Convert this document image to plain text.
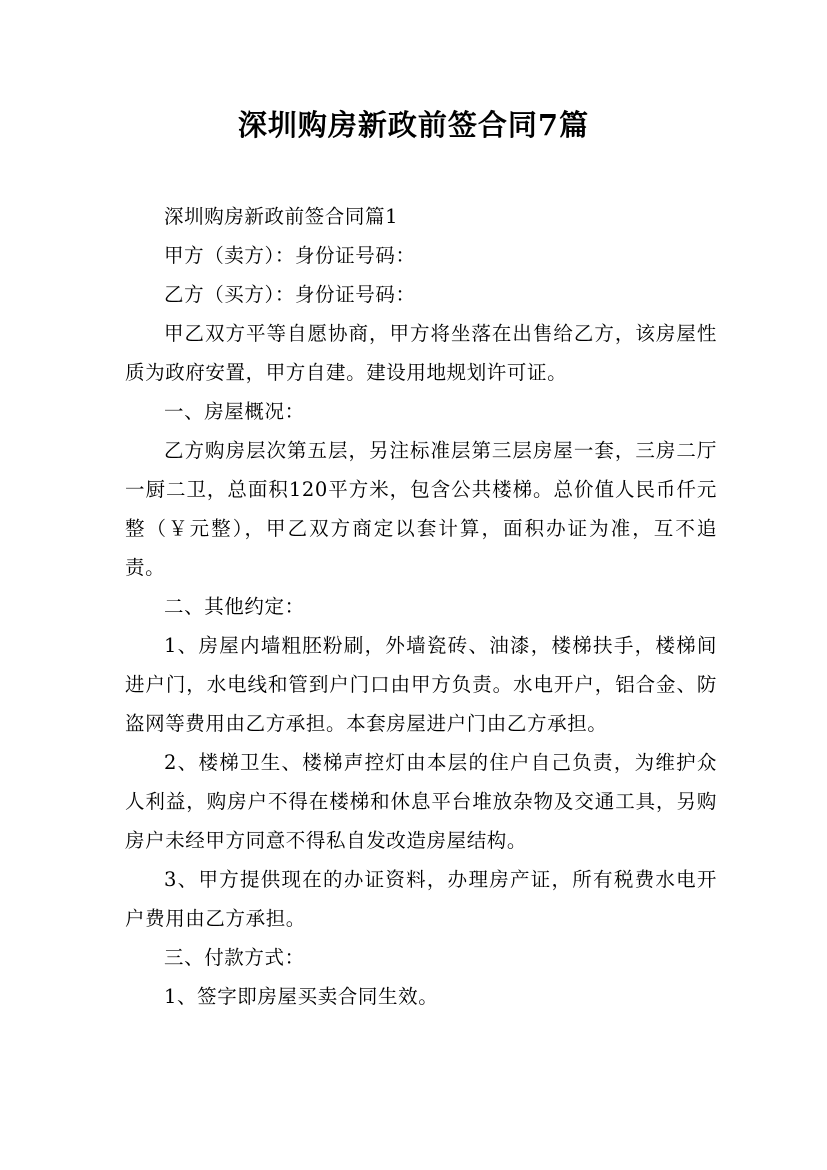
深圳购房新政前签合同7篇

深圳购房新政前签合同篇1

甲方（卖方）：身份证号码：

乙方（买方）：身份证号码：

甲乙双方平等自愿协商，甲方将坐落在出售给乙方，该房屋性质为政府安置，甲方自建。建设用地规划许可证。

一、房屋概况：

乙方购房层次第五层，另注标准层第三层房屋一套，三房二厅一厨二卫，总面积120平方米，包含公共楼梯。总价值人民币仟元整（￥元整），甲乙双方商定以套计算，面积办证为准，互不追责。

二、其他约定：

1、房屋内墙粗胚粉刷，外墙瓷砖、油漆，楼梯扶手，楼梯间进户门，水电线和管到户门口由甲方负责。水电开户，铝合金、防盗网等费用由乙方承担。本套房屋进户门由乙方承担。

2、楼梯卫生、楼梯声控灯由本层的住户自己负责，为维护众人利益，购房户不得在楼梯和休息平台堆放杂物及交通工具，另购房户未经甲方同意不得私自发改造房屋结构。

3、甲方提供现在的办证资料，办理房产证，所有税费水电开户费用由乙方承担。

三、付款方式：

1、签字即房屋买卖合同生效。
